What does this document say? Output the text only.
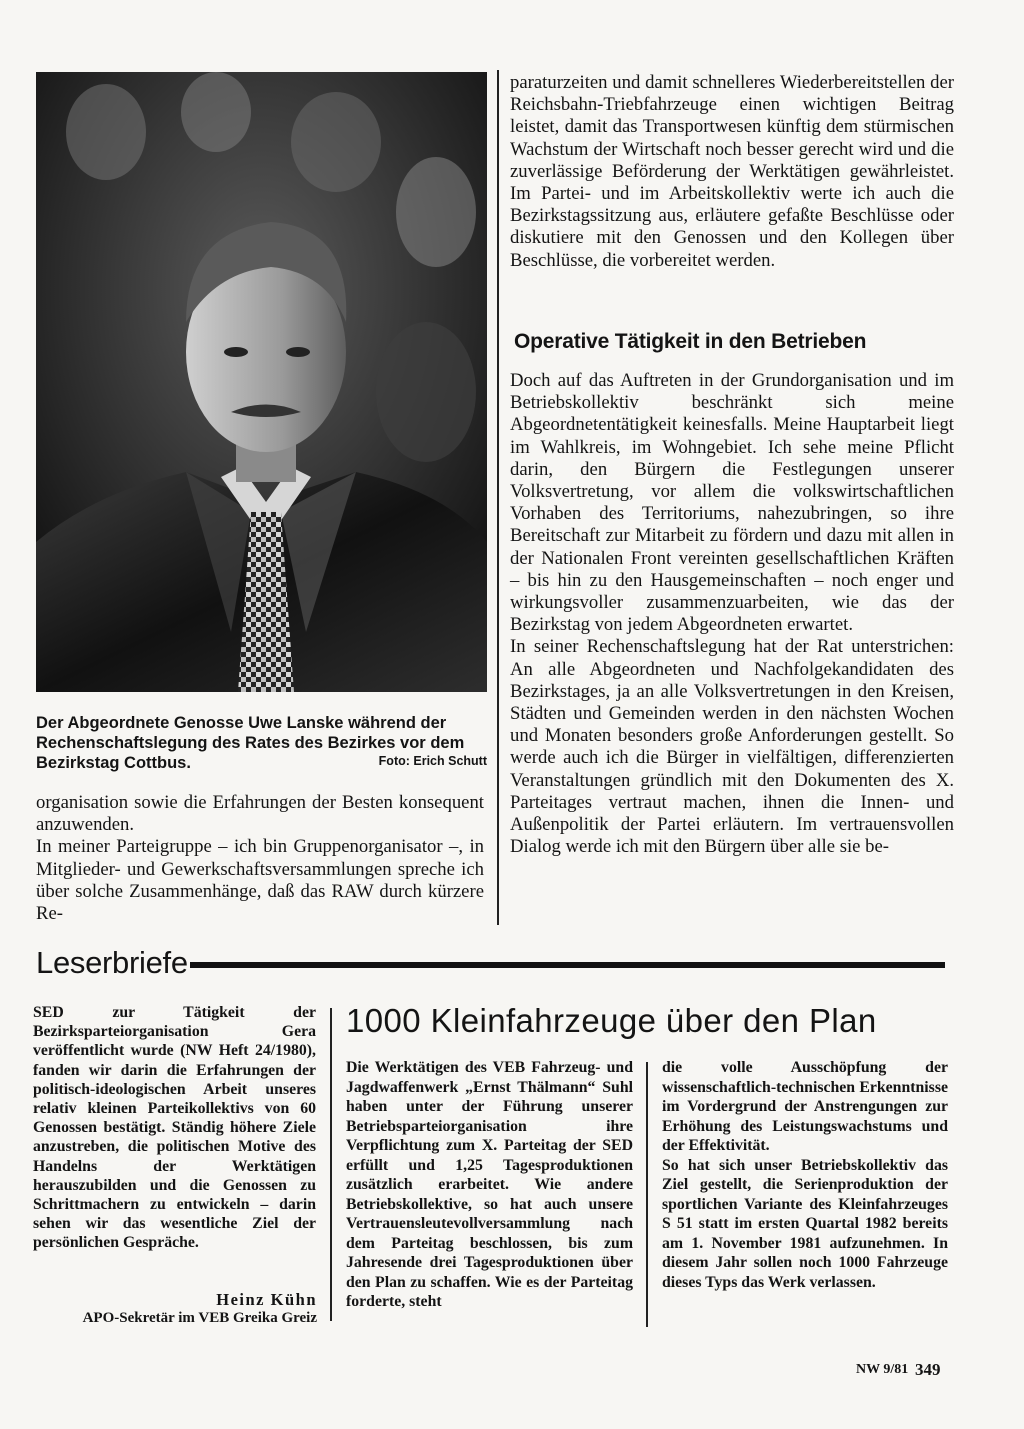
Der Abgeordnete Genosse Uwe Lanske während der Rechenschaftslegung des Rates des Bezirkes vor dem Bezirkstag Cottbus.	Foto: Erich Schutt

organisation sowie die Erfahrungen der Besten konsequent anzuwenden.

In meiner Parteigruppe – ich bin Gruppenorganisator –, in Mitglieder- und Gewerkschaftsversammlungen spreche ich über solche Zusammenhänge, daß das RAW durch kürzere Re-

paraturzeiten und damit schnelleres Wiederbereitstellen der Reichsbahn-Triebfahrzeuge einen wichtigen Beitrag leistet, damit das Transportwesen künftig dem stürmischen Wachstum der Wirtschaft noch besser gerecht wird und die zuverlässige Beförderung der Werktätigen gewährleistet. Im Partei- und im Arbeitskollektiv werte ich auch die Bezirkstagssitzung aus, erläutere gefaßte Beschlüsse oder diskutiere mit den Genossen und den Kollegen über Beschlüsse, die vorbereitet werden.

Operative Tätigkeit in den Betrieben

Doch auf das Auftreten in der Grundorganisation und im Betriebskollektiv beschränkt sich meine Abgeordnetentätigkeit keinesfalls. Meine Hauptarbeit liegt im Wahlkreis, im Wohngebiet. Ich sehe meine Pflicht darin, den Bürgern die Festlegungen unserer Volksvertretung, vor allem die volkswirtschaftlichen Vorhaben des Territoriums, nahezubringen, so ihre Bereitschaft zur Mitarbeit zu fördern und dazu mit allen in der Nationalen Front vereinten gesellschaftlichen Kräften – bis hin zu den Hausgemeinschaften – noch enger und wirkungsvoller zusammenzuarbeiten, wie das der Bezirkstag von jedem Abgeordneten erwartet.

In seiner Rechenschaftslegung hat der Rat unterstrichen: An alle Abgeordneten und Nachfolgekandidaten des Bezirkstages, ja an alle Volksvertretungen in den Kreisen, Städten und Gemeinden werden in den nächsten Wochen und Monaten besonders große Anforderungen gestellt. So werde auch ich die Bürger in vielfältigen, differenzierten Veranstaltungen gründlich mit den Dokumenten des X. Parteitages vertraut machen, ihnen die Innen- und Außenpolitik der Partei erläutern. Im vertrauensvollen Dialog werde ich mit den Bürgern über alle sie be-

Leserbriefe
SED zur Tätigkeit der Bezirksparteiorganisation Gera veröffentlicht wurde (NW Heft 24/1980), fanden wir darin die Erfahrungen der politisch-ideologischen Arbeit unseres relativ kleinen Parteikollektivs von 60 Genossen bestätigt. Ständig höhere Ziele anzustreben, die politischen Motive des Handelns der Werktätigen herauszubilden und die Genossen zu Schrittmachern zu entwickeln – darin sehen wir das wesentliche Ziel der persönlichen Gespräche.
Heinz Kühn
APO-Sekretär im VEB Greika Greiz
1000 Kleinfahrzeuge über den Plan
Die Werktätigen des VEB Fahrzeug- und Jagdwaffenwerk „Ernst Thälmann“ Suhl haben unter der Führung unserer Betriebsparteiorganisation ihre Verpflichtung zum X. Parteitag der SED erfüllt und 1,25 Tagesproduktionen zusätzlich erarbeitet. Wie andere Betriebskollektive, so hat auch unsere Vertrauensleutevollversammlung nach dem Parteitag beschlossen, bis zum Jahresende drei Tagesproduktionen über den Plan zu schaffen. Wie es der Parteitag forderte, steht

die volle Ausschöpfung der wissenschaftlich-technischen Erkenntnisse im Vordergrund der Anstrengungen zur Erhöhung des Leistungswachstums und der Effektivität.

So hat sich unser Betriebskollektiv das Ziel gestellt, die Serienproduktion der sportlichen Variante des Kleinfahrzeuges S 51 statt im ersten Quartal 1982 bereits am 1. November 1981 aufzunehmen. In diesem Jahr sollen noch 1000 Fahrzeuge dieses Typs das Werk verlassen.

NW 9/81 349
